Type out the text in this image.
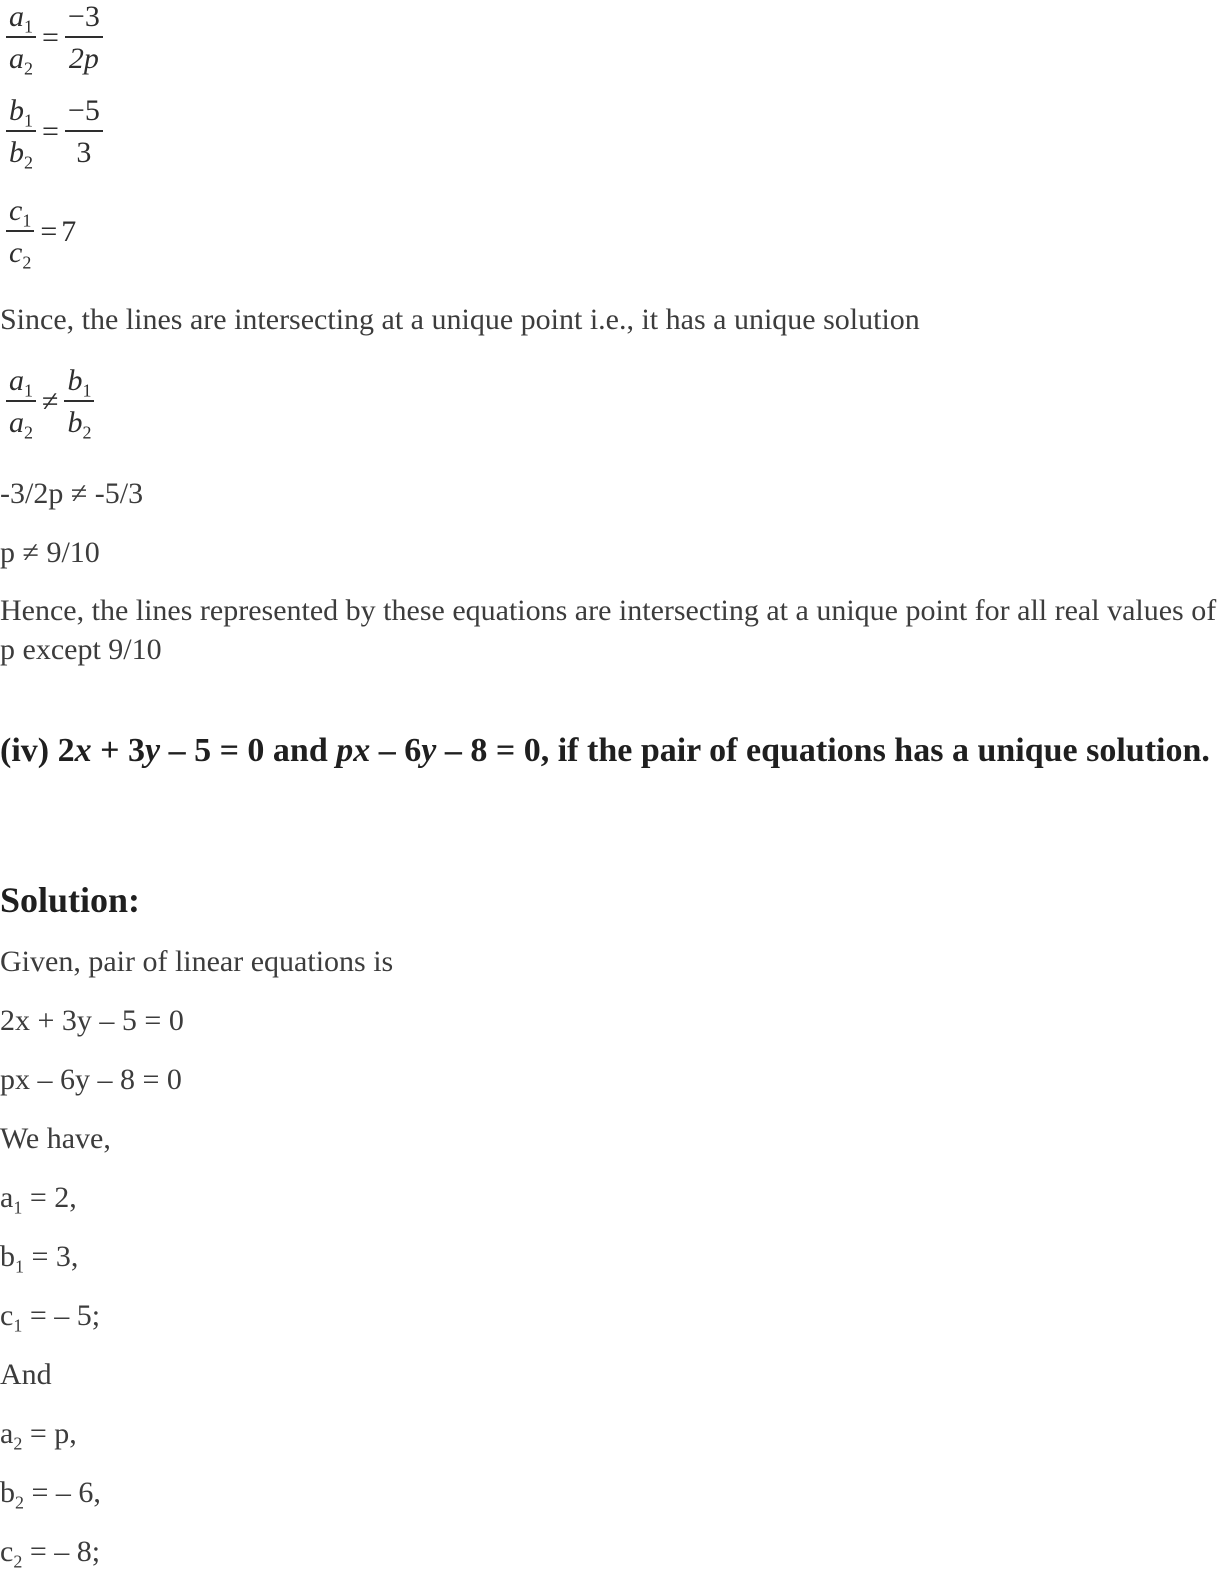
$\frac{a_1}{a_2} = \frac{-3}{2p}$
$\frac{b_1}{b_2} = \frac{-5}{3}$
$\frac{c_1}{c_2} = 7$
Since, the lines are intersecting at a unique point i.e., it has a unique solution
$\frac{a_1}{a_2} \ne \frac{b_1}{b_2}$
-3/2p ≠ -5/3
p ≠ 9/10
Hence, the lines represented by these equations are intersecting at a unique point for all real values of p except 9/10
(iv) 2x + 3y – 5 = 0 and px – 6y – 8 = 0, if the pair of equations has a unique solution.
Solution:
Given, pair of linear equations is
2x + 3y – 5 = 0
px – 6y – 8 = 0
We have,
$a_1 = 2$,
$b_1 = 3$,
$c_1$ = – 5;
And
$a_2 = p$,
$b_2$ = – 6,
$c_2$ = – 8;
